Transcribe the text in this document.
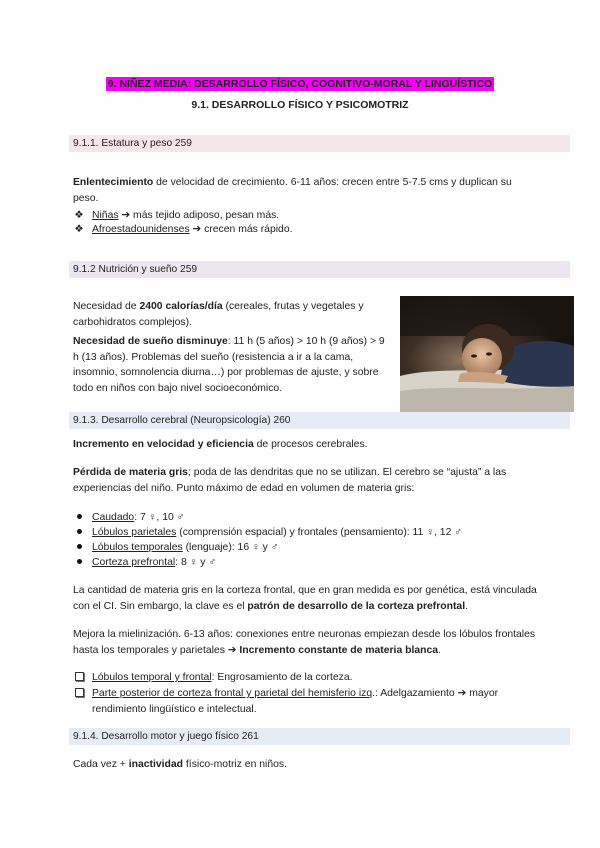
9. NIÑEZ MEDIA: DESARROLLO FÍSICO, COGNITIVO-MORAL Y LINGUÍSTICO
9.1. DESARROLLO FÍSICO Y PSICOMOTRIZ
9.1.1. Estatura y peso 259
Enlentecimiento de velocidad de crecimiento. 6-11 años: crecen entre 5-7.5 cms y duplican su peso.
❖ Niñas ➔ más tejido adiposo, pesan más.
❖ Afroestadounidenses ➔ crecen más rápido.
9.1.2 Nutrición y sueño 259
Necesidad de 2400 calorías/día (cereales, frutas y vegetales y carbohidratos complejos).
Necesidad de sueño disminuye: 11 h (5 años) > 10 h (9 años) > 9 h (13 años). Problemas del sueño (resistencia a ir a la cama, insomnio, somnolencia diurna…) por problemas de ajuste, y sobre todo en niños con bajo nivel socioeconómico.
9.1.3. Desarrollo cerebral (Neuropsicología) 260
Incremento en velocidad y eficiencia de procesos cerebrales.
Pérdida de materia gris; poda de las dendritas que no se utilizan. El cerebro se “ajusta” a las experiencias del niño. Punto máximo de edad en volumen de materia gris:
Caudado: 7 ♀, 10 ♂
Lóbulos parietales (comprensión espacial) y frontales (pensamiento): 11 ♀, 12 ♂
Lóbulos temporales (lenguaje): 16 ♀ y ♂
Corteza prefrontal: 8 ♀ y ♂
La cantidad de materia gris en la corteza frontal, que en gran medida es por genética, está vinculada con el CI. Sin embargo, la clave es el patrón de desarrollo de la corteza prefrontal.
Mejora la mielinización. 6-13 años: conexiones entre neuronas empiezan desde los lóbulos frontales hasta los temporales y parietales ➔ Incremento constante de materia blanca.
Lóbulos temporal y frontal: Engrosamiento de la corteza.
Parte posterior de corteza frontal y parietal del hemisferio izq.: Adelgazamiento ➔ mayor rendimiento lingüístico e intelectual.
9.1.4. Desarrollo motor y juego físico 261
Cada vez + inactividad físico-motriz en niños.
